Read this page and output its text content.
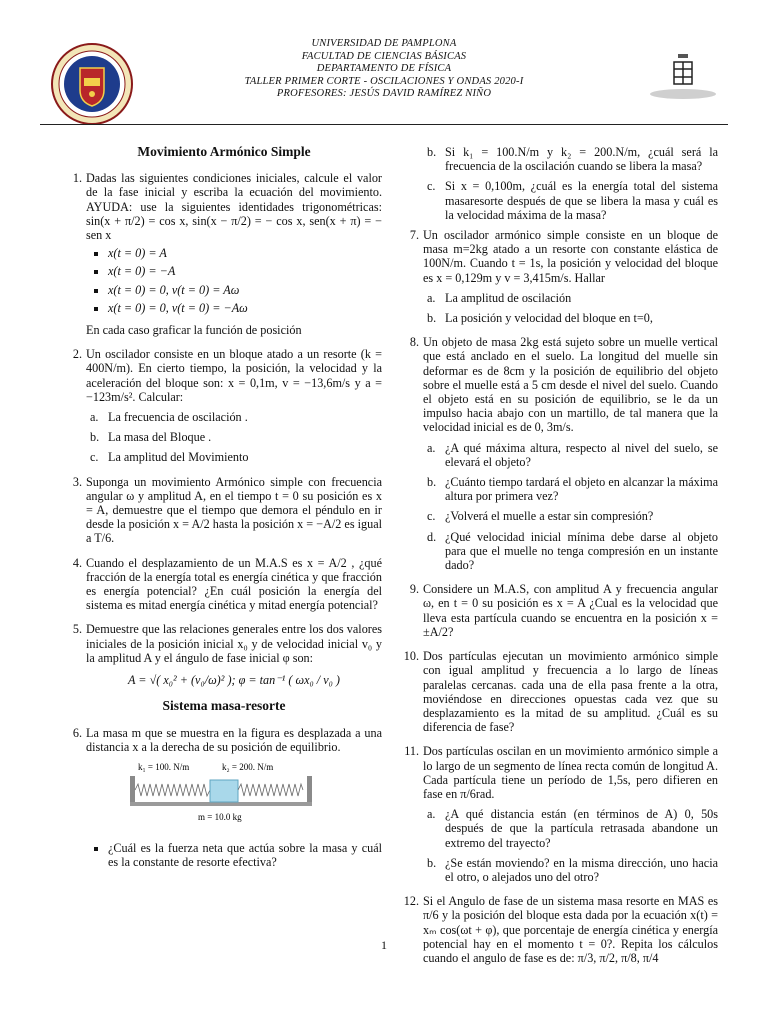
UNIVERSIDAD DE PAMPLONA
FACULTAD DE CIENCIAS BÁSICAS
DEPARTAMENTO DE FÍSICA
TALLER PRIMER CORTE - OSCILACIONES Y ONDAS 2020-I
PROFESORES: JESÚS DAVID RAMÍREZ NIÑO
Movimiento Armónico Simple
1. Dadas las siguientes condiciones iniciales, calcule el valor de la fase inicial y escriba la ecuación del movimiento. AYUDA: use la siguientes identidades trigonométricas: sin(x + π/2) = cos x, sin(x − π/2) = − cos x, sen(x + π) = − sen x
x(t = 0) = A
x(t = 0) = −A
x(t = 0) = 0, v(t = 0) = Aω
x(t = 0) = 0, v(t = 0) = −Aω
En cada caso graficar la función de posición
2. Un oscilador consiste en un bloque atado a un resorte (k = 400N/m). En cierto tiempo, la posición, la velocidad y la aceleración del bloque son: x = 0,1m, v = −13,6m/s y a = −123m/s². Calcular:
a. La frecuencia de oscilación .
b. La masa del Bloque .
c. La amplitud del Movimiento
3. Suponga un movimiento Armónico simple con frecuencia angular ω y amplitud A, en el tiempo t = 0 su posición es x = A, demuestre que el tiempo que demora el péndulo en ir desde la posición x = A/2 hasta la posición x = −A/2 es igual a T/6.
4. Cuando el desplazamiento de un M.A.S es x = A/2 , ¿qué fracción de la energía total es energía cinética y que fracción es energía potencial? ¿En cuál posición la energía del sistema es mitad energía cinética y mitad energía potencial?
5. Demuestre que las relaciones generales entre los dos valores iniciales de la posición inicial x₀ y de velocidad inicial v₀ y la amplitud A y el ángulo de fase inicial φ son:
A = √( x₀² + (v₀/ω)² ); φ = tan⁻¹ ( ωx₀ / v₀ )
Sistema masa-resorte
6. La masa m que se muestra en la figura es desplazada a una distancia x a la derecha de su posición de equilibrio.
k₁ = 100. N/m	k₂ = 200. N/m
m = 10.0 kg
¿Cuál es la fuerza neta que actúa sobre la masa y cuál es la constante de resorte efectiva?
b. Si k₁ = 100.N/m y k₂ = 200.N/m, ¿cuál será la frecuencia de la oscilación cuando se libera la masa?
c. Si x = 0,100m, ¿cuál es la energía total del sistema masaresorte después de que se libera la masa y cuál es la velocidad máxima de la masa?
7. Un oscilador armónico simple consiste en un bloque de masa m=2kg atado a un resorte con constante elástica de 100N/m. Cuando t = 1s, la posición y velocidad del bloque es x = 0,129m y v = 3,415m/s. Hallar
a. La amplitud de oscilación
b. La posición y velocidad del bloque en t=0,
8. Un objeto de masa 2kg está sujeto sobre un muelle vertical que está anclado en el suelo. La longitud del muelle sin deformar es de 8cm y la posición de equilibrio del objeto sobre el muelle está a 5 cm desde el nivel del suelo. Cuando el objeto está en su posición de equilibrio, se le da un impulso hacia abajo con un martillo, de tal manera que la velocidad inicial es de 0, 3m/s.
a. ¿A qué máxima altura, respecto al nivel del suelo, se elevará el objeto?
b. ¿Cuánto tiempo tardará el objeto en alcanzar la máxima altura por primera vez?
c. ¿Volverá el muelle a estar sin compresión?
d. ¿Qué velocidad inicial mínima debe darse al objeto para que el muelle no tenga compresión en un instante dado?
9. Considere un M.A.S, con amplitud A y frecuencia angular ω, en t = 0 su posición es x = A ¿Cual es la velocidad que lleva esta partícula cuando se encuentra en la posición x = ±A/2?
10. Dos partículas ejecutan un movimiento armónico simple con igual amplitud y frecuencia a lo largo de líneas paralelas cercanas. cada una de ella pasa frente a la otra, moviéndose en direcciones opuestas cada vez que su desplazamiento es la mitad de su amplitud. ¿Cuál es su diferencia de fase?
11. Dos partículas oscilan en un movimiento armónico simple a lo largo de un segmento de línea recta común de longitud A. Cada partícula tiene un período de 1,5s, pero difieren en fase en π/6rad.
a. ¿A qué distancia están (en términos de A) 0, 50s después de que la partícula retrasada abandone un extremo del trayecto?
b. ¿Se están moviendo? en la misma dirección, uno hacia el otro, o alejados uno del otro?
12. Si el Angulo de fase de un sistema masa resorte en MAS es π/6 y la posición del bloque esta dada por la ecuación x(t) = xₘ cos(ωt + φ), que porcentaje de energía cinética y energía potencial hay en el momento t = 0?. Repita los cálculos cuando el angulo de fase es de: π/3, π/2, π/8, π/4
1
